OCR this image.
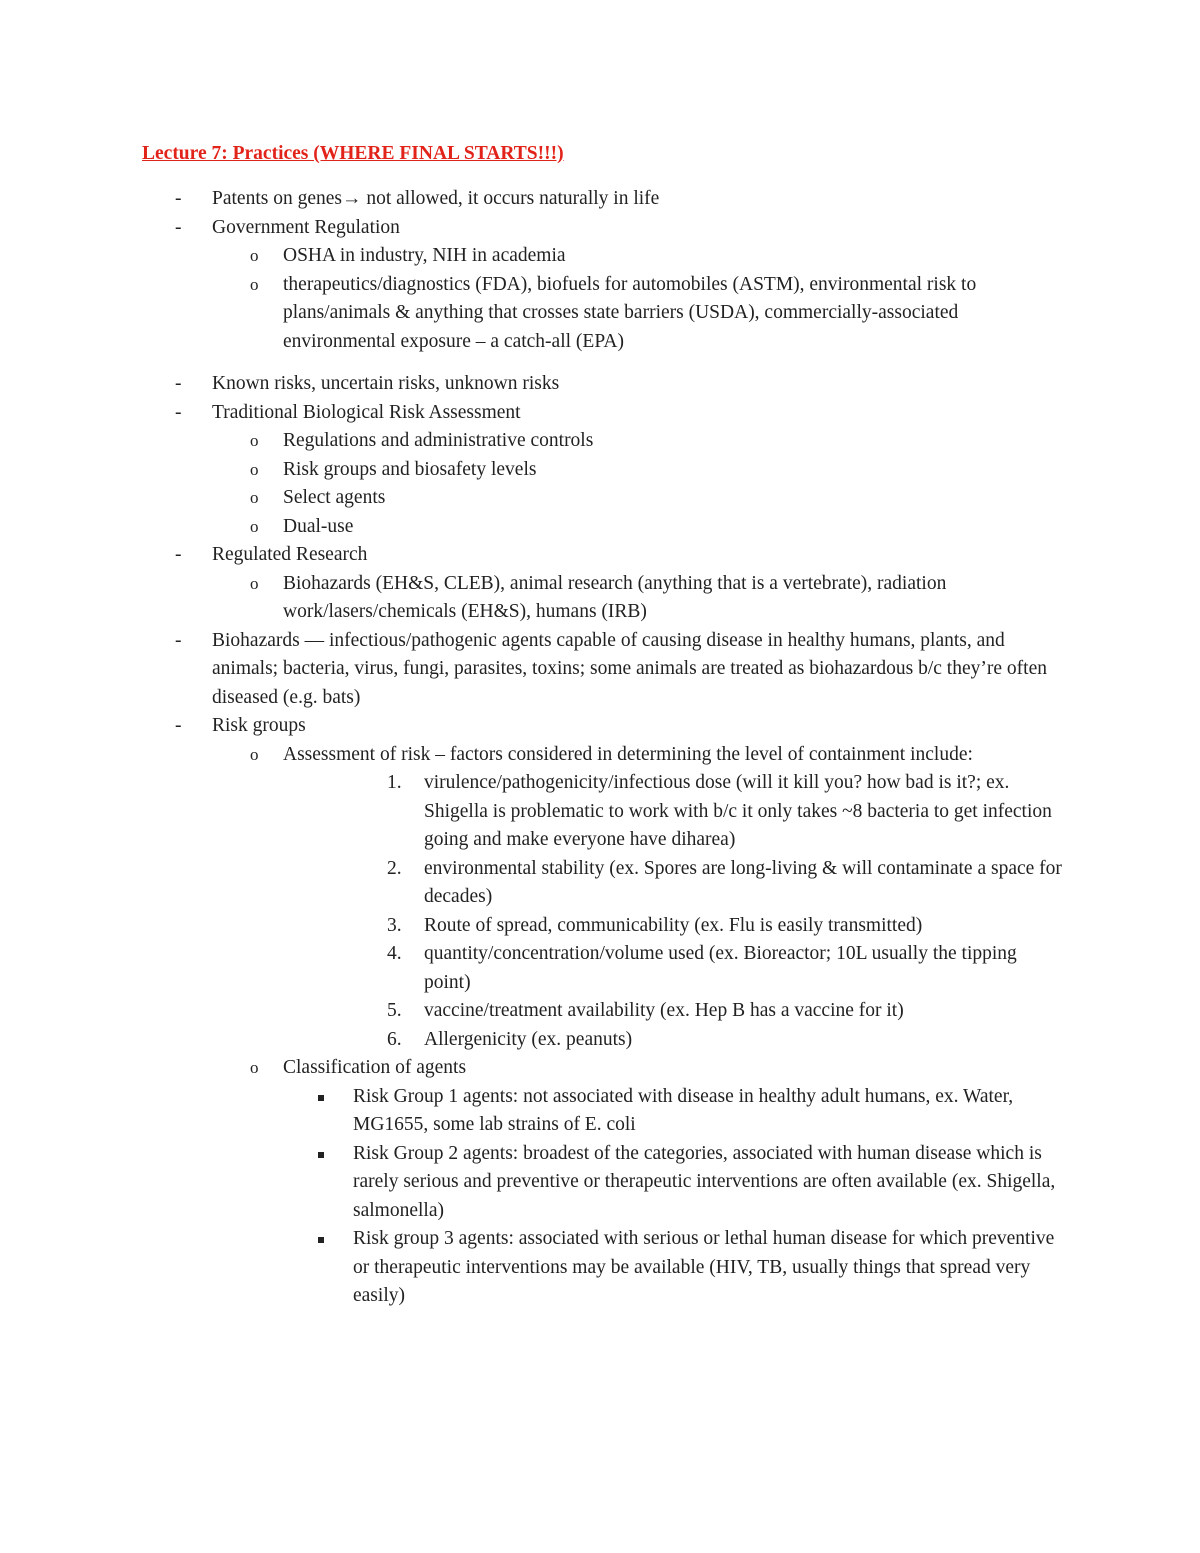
Lecture 7: Practices (WHERE FINAL STARTS!!!)
- Patents on genes→ not allowed, it occurs naturally in life
- Government Regulation
o OSHA in industry, NIH in academia
o therapeutics/diagnostics (FDA), biofuels for automobiles (ASTM), environmental risk to plans/animals & anything that crosses state barriers (USDA), commercially-associated environmental exposure – a catch-all (EPA)
- Known risks, uncertain risks, unknown risks
- Traditional Biological Risk Assessment
o Regulations and administrative controls
o Risk groups and biosafety levels
o Select agents
o Dual-use
- Regulated Research
o Biohazards (EH&S, CLEB), animal research (anything that is a vertebrate), radiation work/lasers/chemicals (EH&S), humans (IRB)
- Biohazards — infectious/pathogenic agents capable of causing disease in healthy humans, plants, and animals; bacteria, virus, fungi, parasites, toxins; some animals are treated as biohazardous b/c they’re often diseased (e.g. bats)
- Risk groups
o Assessment of risk – factors considered in determining the level of containment include:
1. virulence/pathogenicity/infectious dose (will it kill you? how bad is it?; ex. Shigella is problematic to work with b/c it only takes ~8 bacteria to get infection going and make everyone have diharea)
2. environmental stability (ex. Spores are long-living & will contaminate a space for decades)
3. Route of spread, communicability (ex. Flu is easily transmitted)
4. quantity/concentration/volume used (ex. Bioreactor; 10L usually the tipping point)
5. vaccine/treatment availability (ex. Hep B has a vaccine for it)
6. Allergenicity (ex. peanuts)
o Classification of agents
Risk Group 1 agents: not associated with disease in healthy adult humans, ex. Water, MG1655, some lab strains of E. coli
Risk Group 2 agents: broadest of the categories, associated with human disease which is rarely serious and preventive or therapeutic interventions are often available (ex. Shigella, salmonella)
Risk group 3 agents: associated with serious or lethal human disease for which preventive or therapeutic interventions may be available (HIV, TB, usually things that spread very easily)
